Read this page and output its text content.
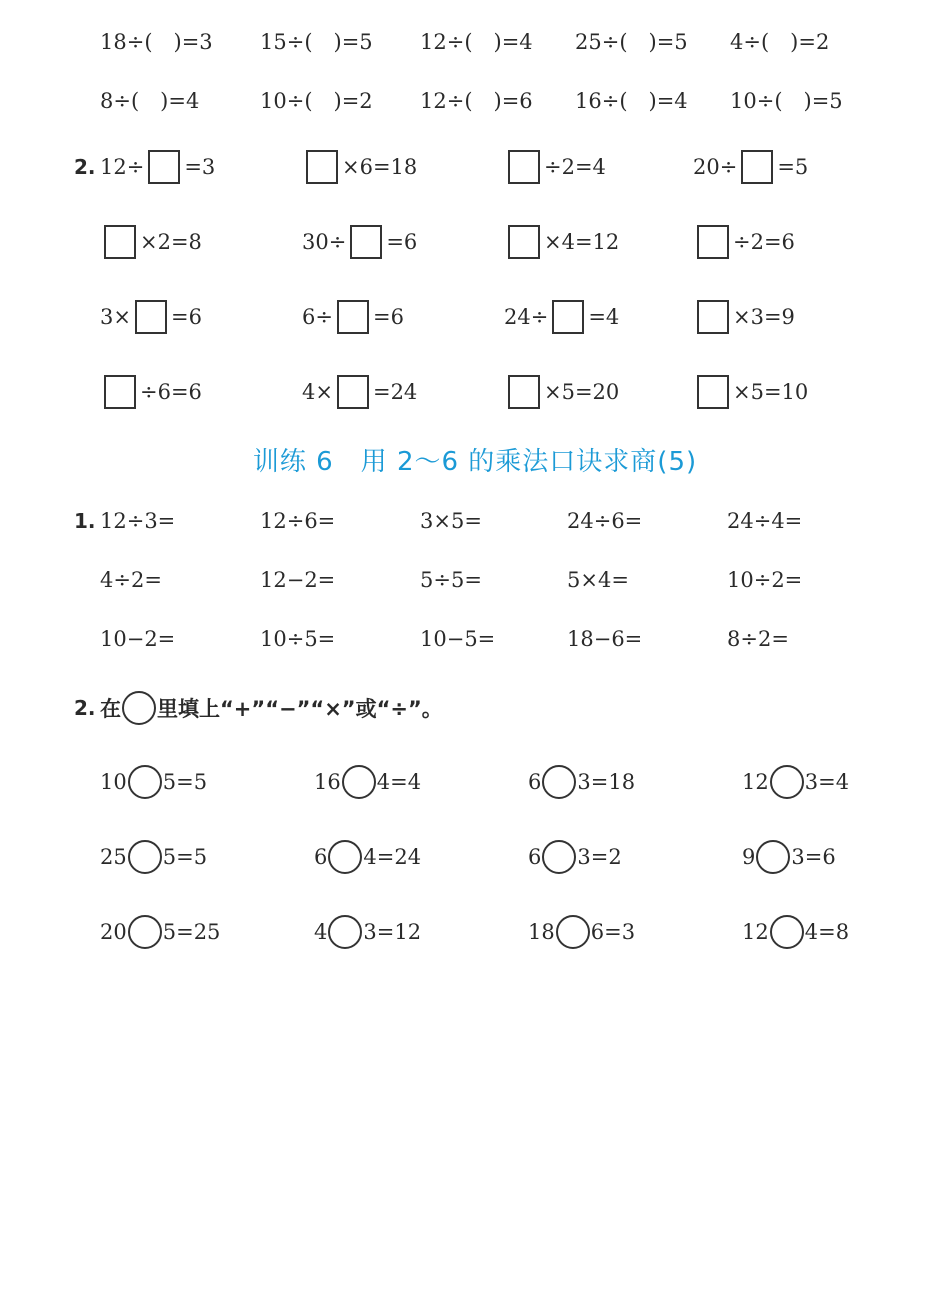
18÷(　)=3 15÷(　)=5 12÷(　)=4 25÷(　)=5 4÷(　)=2
8÷(　)=4	10÷(　)=2 12÷(　)=6 16÷(　)=4 10÷(　)=5
2. 12÷ =3	×6=18	÷2=4	20÷ =5
×2=8	30÷ =6	×4=12	÷2=6
3× =6	6÷ =6	24÷ =4	×3=9
÷6=6	4× =24	×5=20	×5=10
训练 6　用 2～6 的乘法口诀求商(5)
1. 12÷3=	12÷6=	3×5=	24÷6=	24÷4=
4÷2=	12−2=	5÷5=	5×4=	10÷2=
10−2=	10÷5=	10−5=	18−6=	8÷2=
2. 在 里填上“+”“−”“×”或“÷”。
10 5=5	16 4=4	6 3=18	12 3=4
25 5=5	6 4=24	6 3=2	9 3=6
20 5=25	4 3=12	18 6=3	12 4=8
